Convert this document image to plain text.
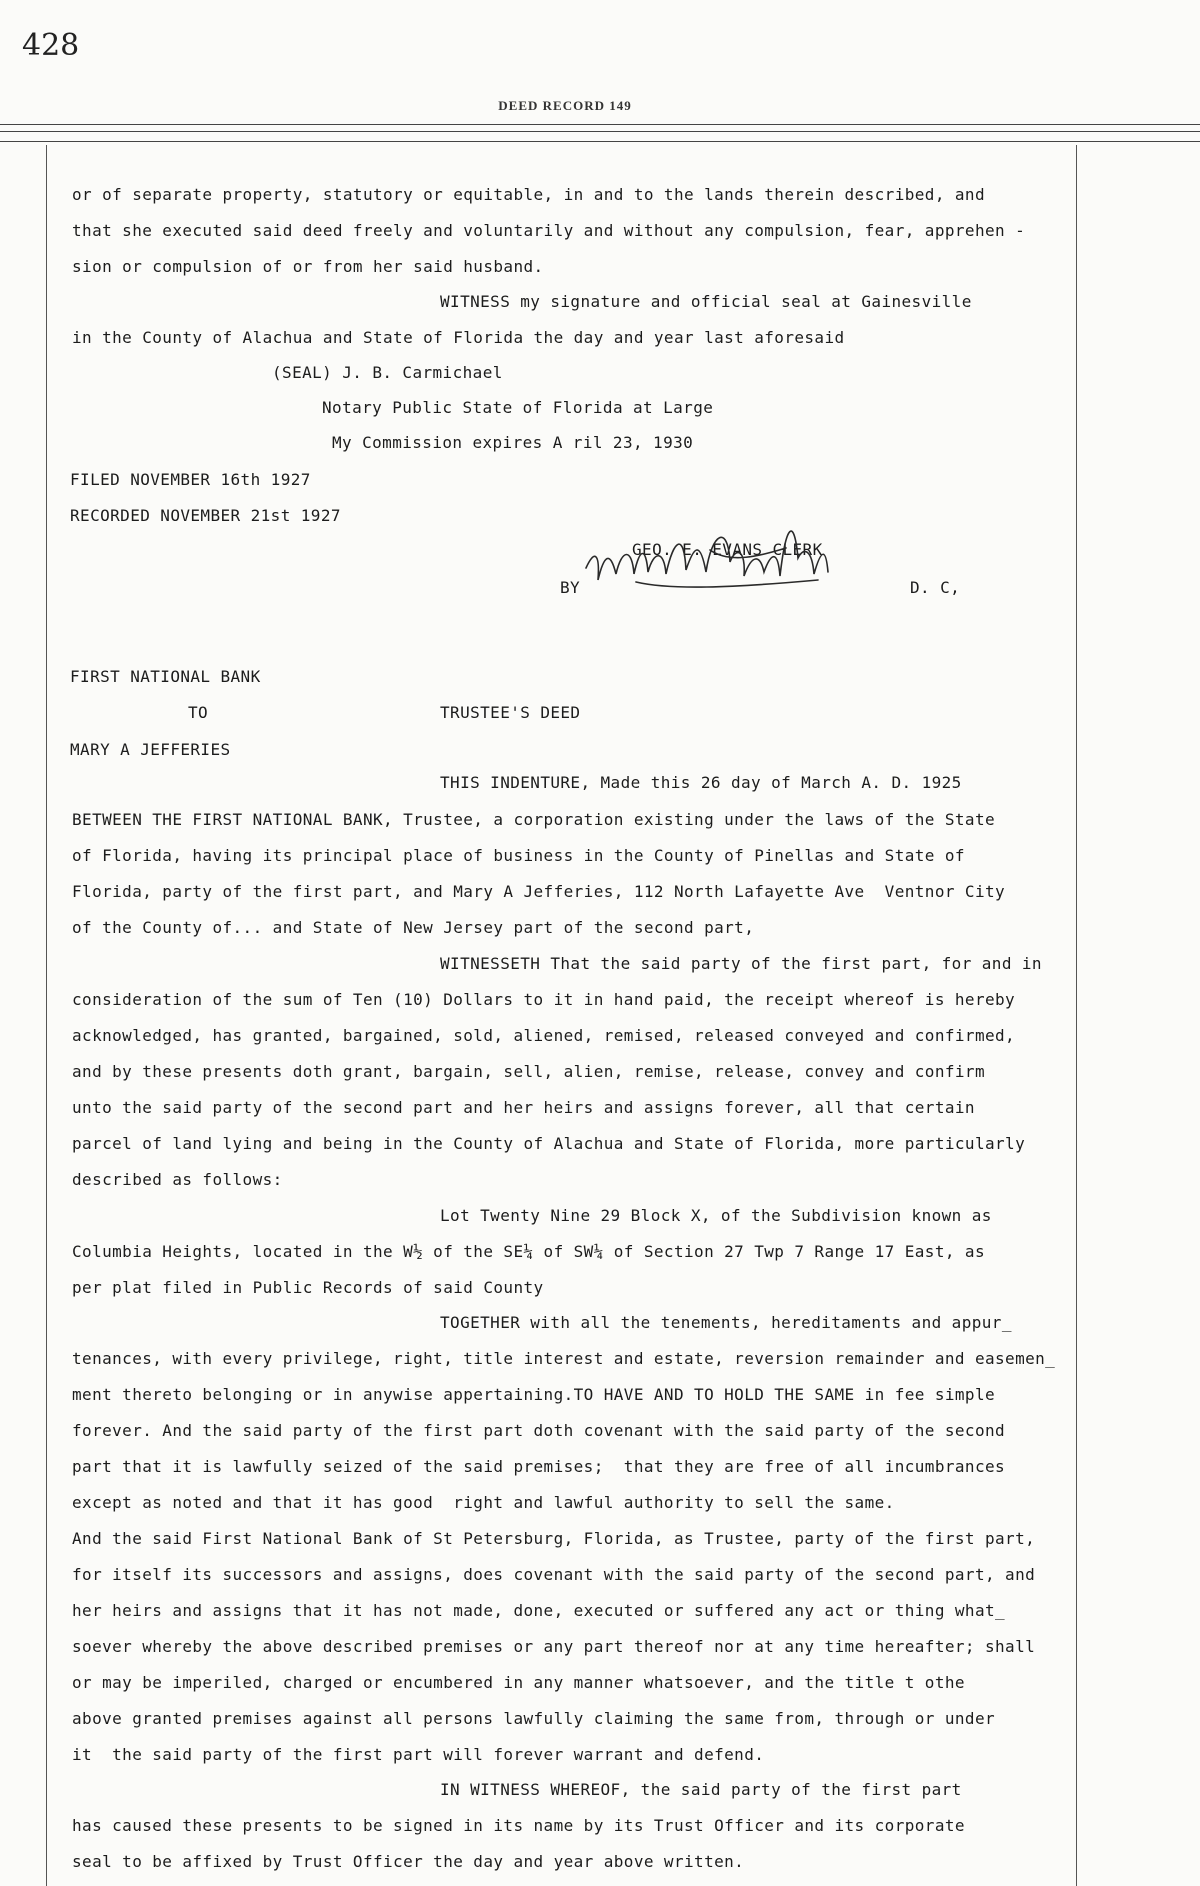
428
DEED RECORD 149
or of separate property, statutory or equitable, in and to the lands therein described, and
that she executed said deed freely and voluntarily and without any compulsion, fear, apprehen -
sion or compulsion of or from her said husband.
WITNESS my signature and official seal at Gainesville
in the County of Alachua and State of Florida the day and year last aforesaid
(SEAL) J. B. Carmichael
Notary Public State of Florida at Large
My Commission expires A ril 23, 1930
FILED NOVEMBER 16th 1927
RECORDED NOVEMBER 21st 1927
GEO. E. EVANS CLERK
BY	D. C,
FIRST NATIONAL BANK
TO	TRUSTEE'S DEED
MARY A JEFFERIES
THIS INDENTURE, Made this 26 day of March A. D. 1925
BETWEEN THE FIRST NATIONAL BANK, Trustee, a corporation existing under the laws of the State
of Florida, having its principal place of business in the County of Pinellas and State of
Florida, party of the first part, and Mary A Jefferies, 112 North Lafayette Ave  Ventnor City
of the County of... and State of New Jersey part of the second part,
WITNESSETH That the said party of the first part, for and in
consideration of the sum of Ten (10) Dollars to it in hand paid, the receipt whereof is hereby
acknowledged, has granted, bargained, sold, aliened, remised, released conveyed and confirmed,
and by these presents doth grant, bargain, sell, alien, remise, release, convey and confirm
unto the said party of the second part and her heirs and assigns forever, all that certain
parcel of land lying and being in the County of Alachua and State of Florida, more particularly
described as follows:
Lot Twenty Nine 29 Block X, of the Subdivision known as
Columbia Heights, located in the W½ of the SE¼ of SW¼ of Section 27 Twp 7 Range 17 East, as
per plat filed in Public Records of said County
TOGETHER with all the tenements, hereditaments and appur_
tenances, with every privilege, right, title interest and estate, reversion remainder and easemen_
ment thereto belonging or in anywise appertaining.TO HAVE AND TO HOLD THE SAME in fee simple
forever. And the said party of the first part doth covenant with the said party of the second
part that it is lawfully seized of the said premises;  that they are free of all incumbrances
except as noted and that it has good  right and lawful authority to sell the same.
And the said First National Bank of St Petersburg, Florida, as Trustee, party of the first part,
for itself its successors and assigns, does covenant with the said party of the second part, and
her heirs and assigns that it has not made, done, executed or suffered any act or thing what_
soever whereby the above described premises or any part thereof nor at any time hereafter; shall
or may be imperiled, charged or encumbered in any manner whatsoever, and the title t othe
above granted premises against all persons lawfully claiming the same from, through or under
it  the said party of the first part will forever warrant and defend.
IN WITNESS WHEREOF, the said party of the first part
has caused these presents to be signed in its name by its Trust Officer and its corporate
seal to be affixed by Trust Officer the day and year above written.
